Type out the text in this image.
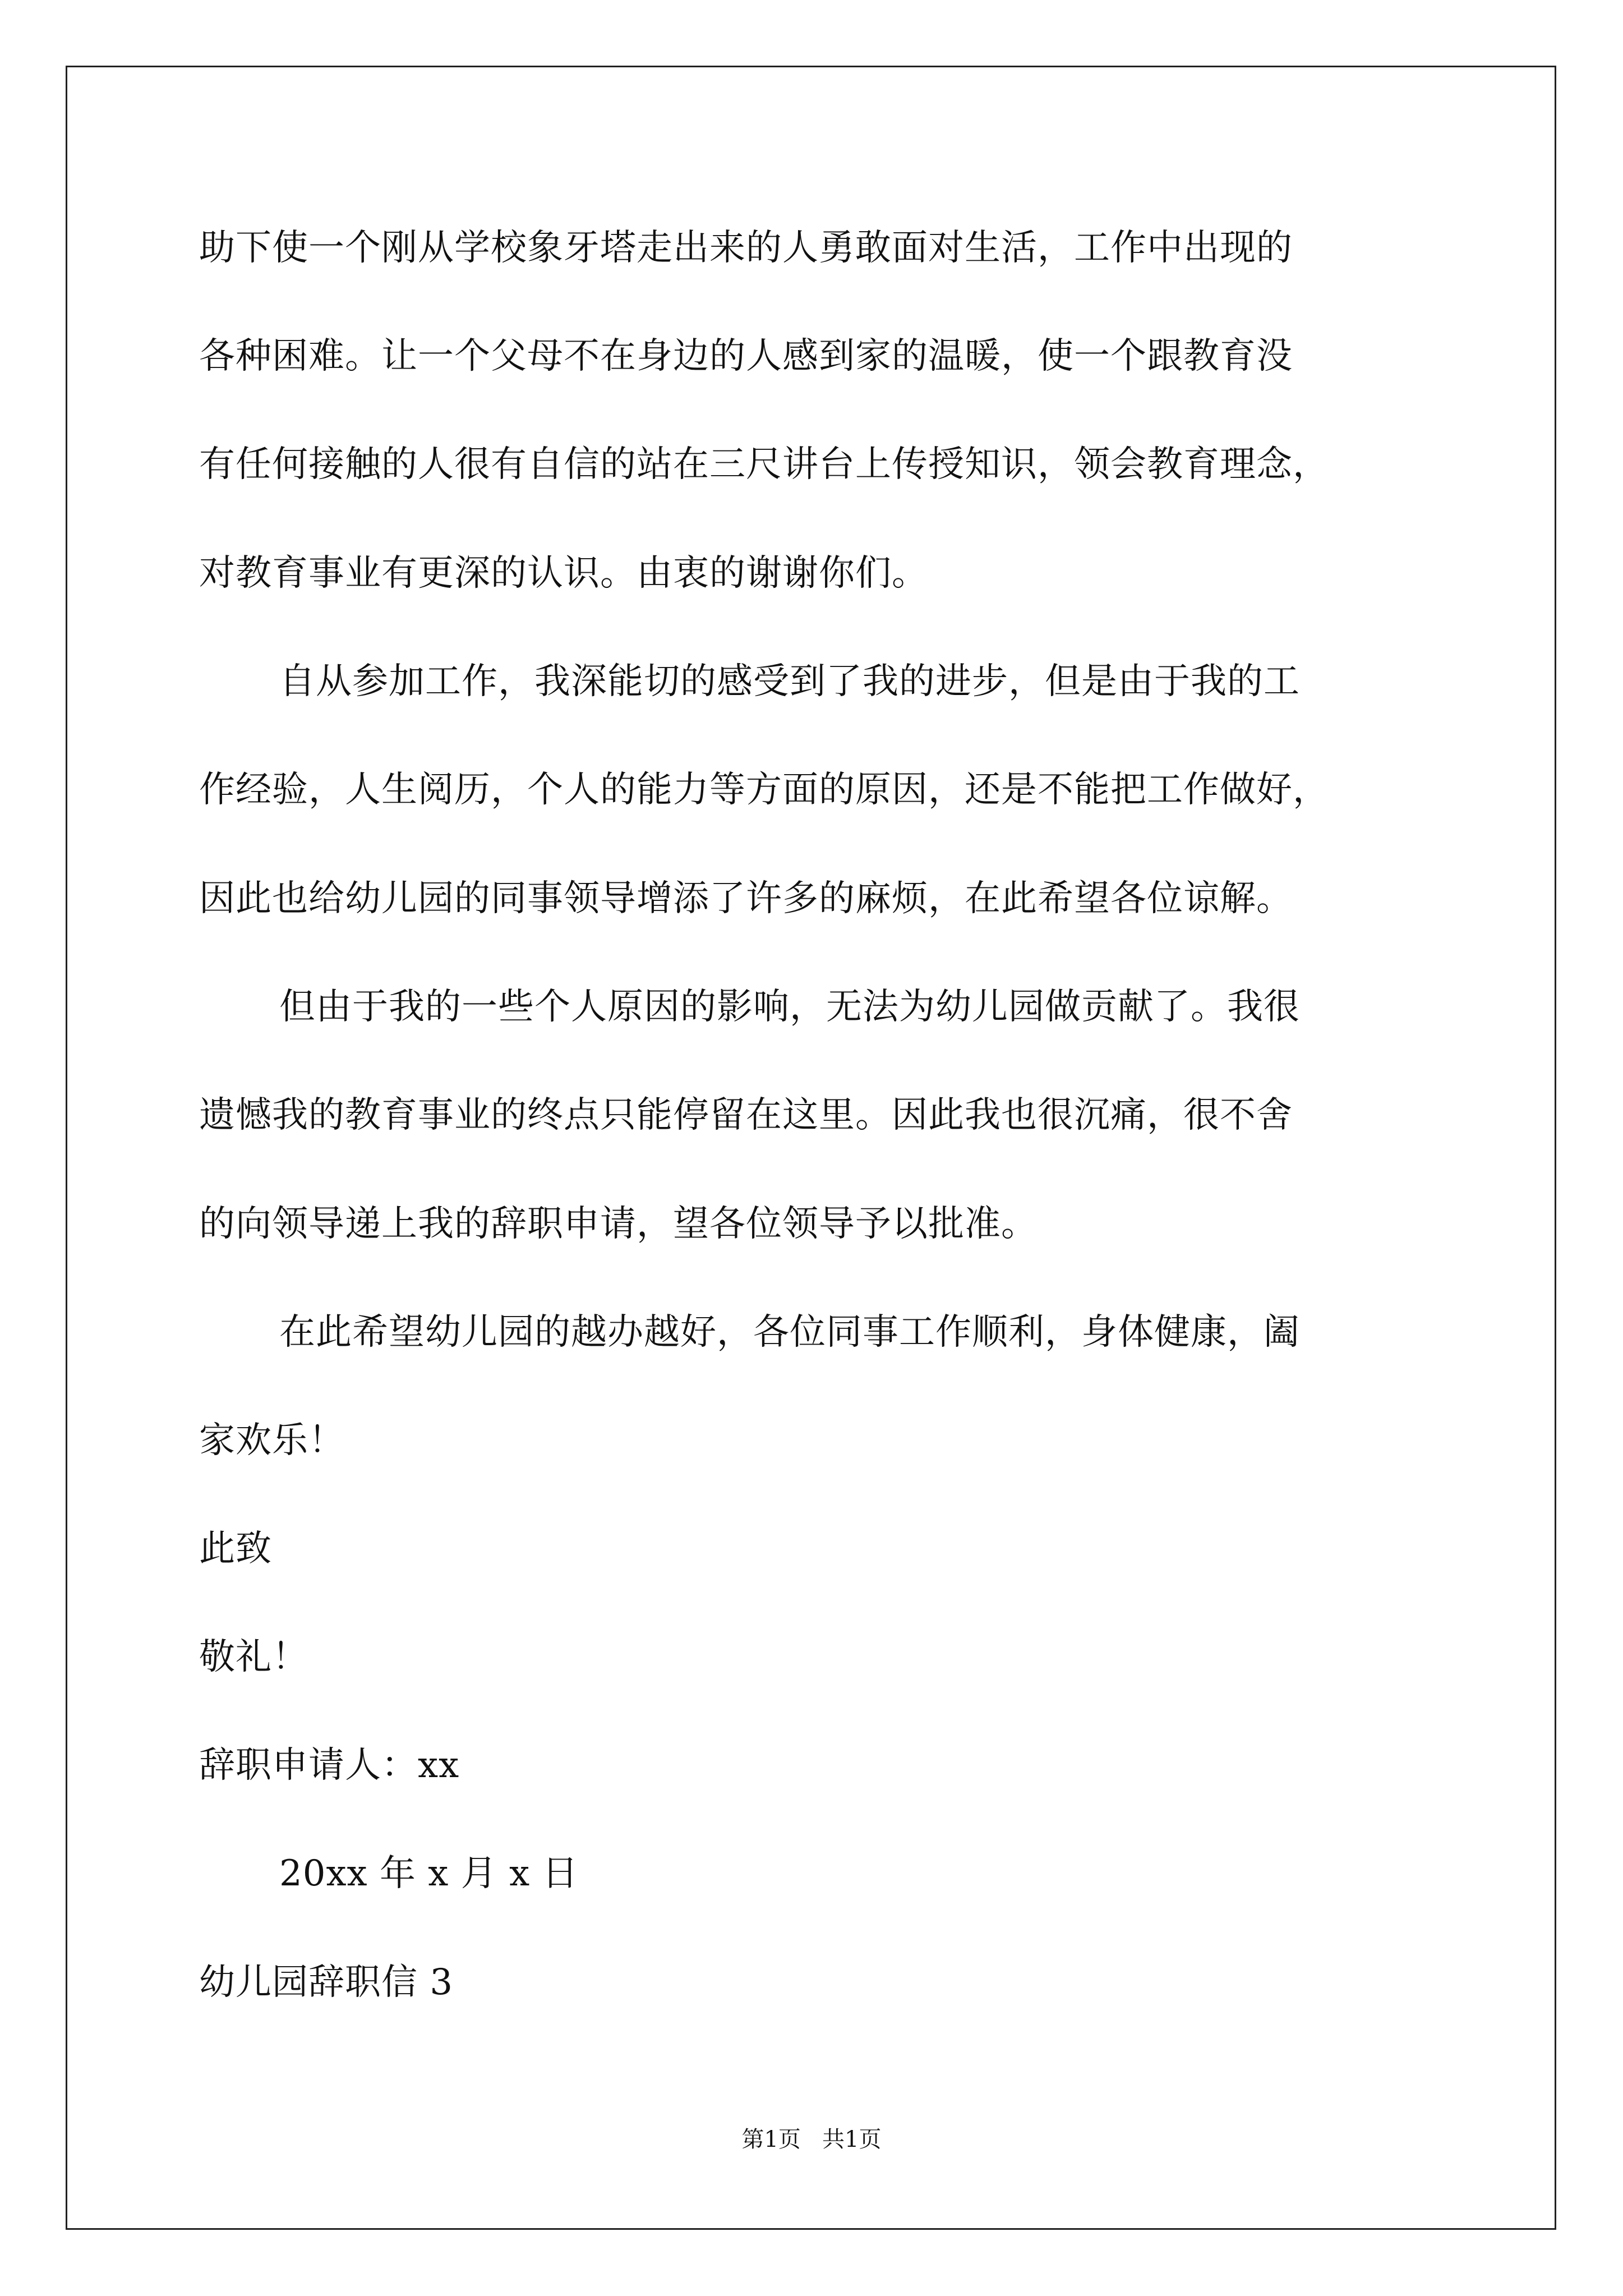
助下使一个刚从学校象牙塔走出来的人勇敢面对生活，工作中出现的
各种困难。让一个父母不在身边的人感到家的温暖，使一个跟教育没
有任何接触的人很有自信的站在三尺讲台上传授知识，领会教育理念，
对教育事业有更深的认识。由衷的谢谢你们。
自从参加工作，我深能切的感受到了我的进步，但是由于我的工
作经验，人生阅历，个人的能力等方面的原因，还是不能把工作做好，
因此也给幼儿园的同事领导增添了许多的麻烦，在此希望各位谅解。
但由于我的一些个人原因的影响，无法为幼儿园做贡献了。我很
遗憾我的教育事业的终点只能停留在这里。因此我也很沉痛，很不舍
的向领导递上我的辞职申请，望各位领导予以批准。
在此希望幼儿园的越办越好，各位同事工作顺利，身体健康，阖
家欢乐！
此致
敬礼！
辞职申请人：xx
20xx 年 x 月 x 日
幼儿园辞职信 3
第1页   共1页
